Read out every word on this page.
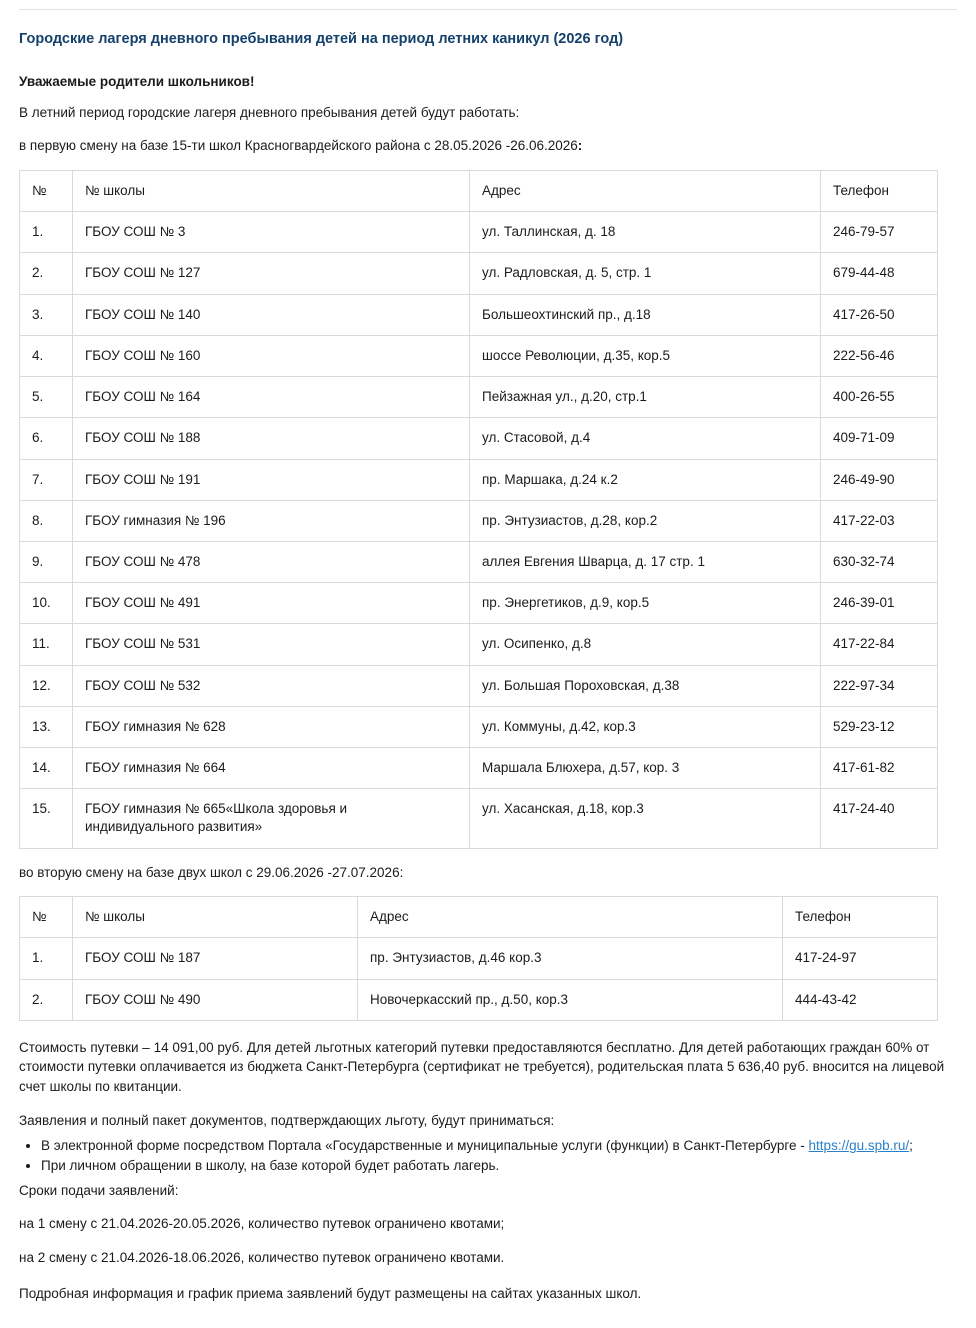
Городские лагеря дневного пребывания детей на период летних каникул (2026 год)
Уважаемые родители школьников!

В летний период городские лагеря дневного пребывания детей будут работать:

в первую смену на базе 15-ти школ Красногвардейского района с 28.05.2026 -26.06.2026:

№	№ школы	Адрес	Телефон
1.	ГБОУ СОШ № 3	ул. Таллинская, д. 18	246-79-57
2.	ГБОУ СОШ № 127	ул. Радловская, д. 5, стр. 1	679-44-48
3.	ГБОУ СОШ № 140	Большеохтинский пр., д.18	417-26-50
4.	ГБОУ СОШ № 160	шоссе Революции, д.35, кор.5	222-56-46
5.	ГБОУ СОШ № 164	Пейзажная ул., д.20, стр.1	400-26-55
6.	ГБОУ СОШ № 188	ул. Стасовой, д.4	409-71-09
7.	ГБОУ СОШ № 191	пр. Маршака, д.24 к.2	246-49-90
8.	ГБОУ гимназия № 196	пр. Энтузиастов, д.28, кор.2	417-22-03
9.	ГБОУ СОШ № 478	аллея Евгения Шварца, д. 17 стр. 1	630-32-74
10.	ГБОУ СОШ № 491	пр. Энергетиков, д.9, кор.5	246-39-01
11.	ГБОУ СОШ № 531	ул. Осипенко, д.8	417-22-84
12.	ГБОУ СОШ № 532	ул. Большая Пороховская, д.38	222-97-34
13.	ГБОУ гимназия № 628	ул. Коммуны, д.42, кор.3	529-23-12
14.	ГБОУ гимназия № 664	Маршала Блюхера, д.57, кор. 3	417-61-82
15.	ГБОУ гимназия № 665«Школа здоровья и индивидуального развития»	ул. Хасанская, д.18, кор.3	417-24-40

во вторую смену на базе двух школ с 29.06.2026 -27.07.2026:

№	№ школы	Адрес	Телефон
1.	ГБОУ СОШ № 187	пр. Энтузиастов, д.46 кор.3	417-24-97
2.	ГБОУ СОШ № 490	Новочеркасский пр., д.50, кор.3	444-43-42

Стоимость путевки – 14 091,00 руб. Для детей льготных категорий путевки предоставляются бесплатно. Для детей работающих граждан 60% от стоимости путевки оплачивается из бюджета Санкт-Петербурга (сертификат не требуется), родительская плата 5 636,40 руб. вносится на лицевой счет школы по квитанции.

Заявления и полный пакет документов, подтверждающих льготу, будут приниматься:

• В электронной форме посредством Портала «Государственные и муниципальные услуги (функции) в Санкт-Петербурге - https://gu.spb.ru/;
• При личном обращении в школу, на базе которой будет работать лагерь.

Сроки подачи заявлений:

на 1 смену с 21.04.2026-20.05.2026, количество путевок ограничено квотами;

на 2 смену с 21.04.2026-18.06.2026, количество путевок ограничено квотами.

Подробная информация и график приема заявлений будут размещены на сайтах указанных школ.
